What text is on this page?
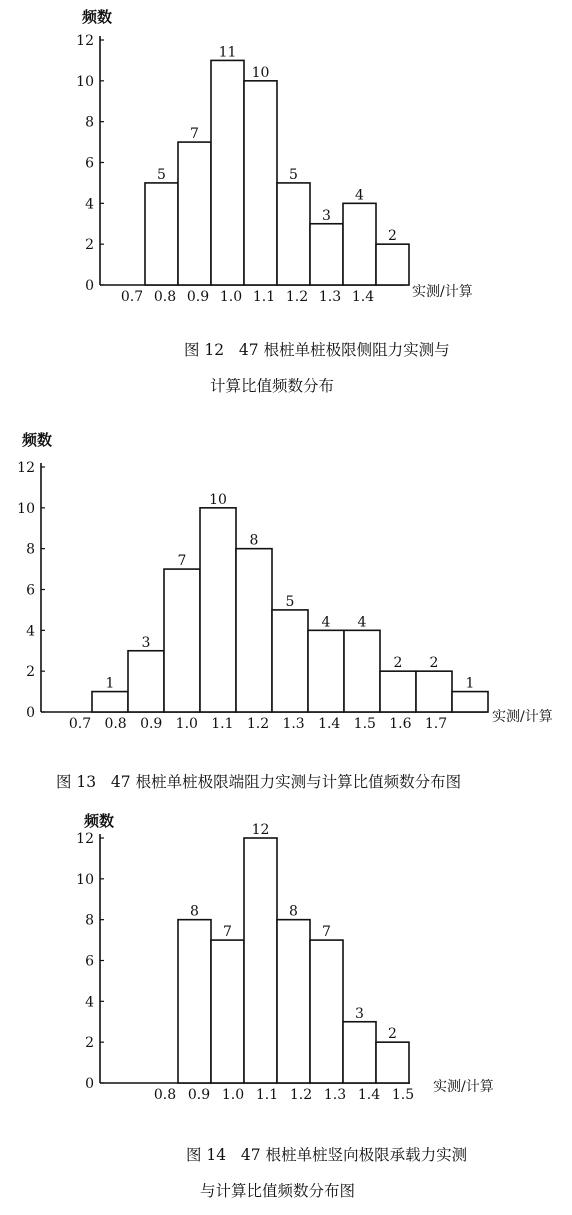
0
2
4
6
8
10
12
频数
实测/计算
0.7 0.8 0.9 1.0 1.1 1.2 1.3 1.4
5
7
11
10
5
3
4
2

图 12   47 根桩单桩极限侧阻力实测与

计算比值频数分布

0
2
4
6
8
10
12
频数
实测/计算
0.7 0.8 0.9 1.0 1.1 1.2 1.3 1.4 1.5 1.6 1.7
1
3
7
10
8
5
4 4
2 2
1

图 13   47 根桩单桩极限端阻力实测与计算比值频数分布图

0
2
4
6
8
10
12
频数
实测/计算
0.8 0.9 1.0 1.1 1.2 1.3 1.4 1.5
8
7
12
8
7
3
2

图 14   47 根桩单桩竖向极限承载力实测

与计算比值频数分布图
